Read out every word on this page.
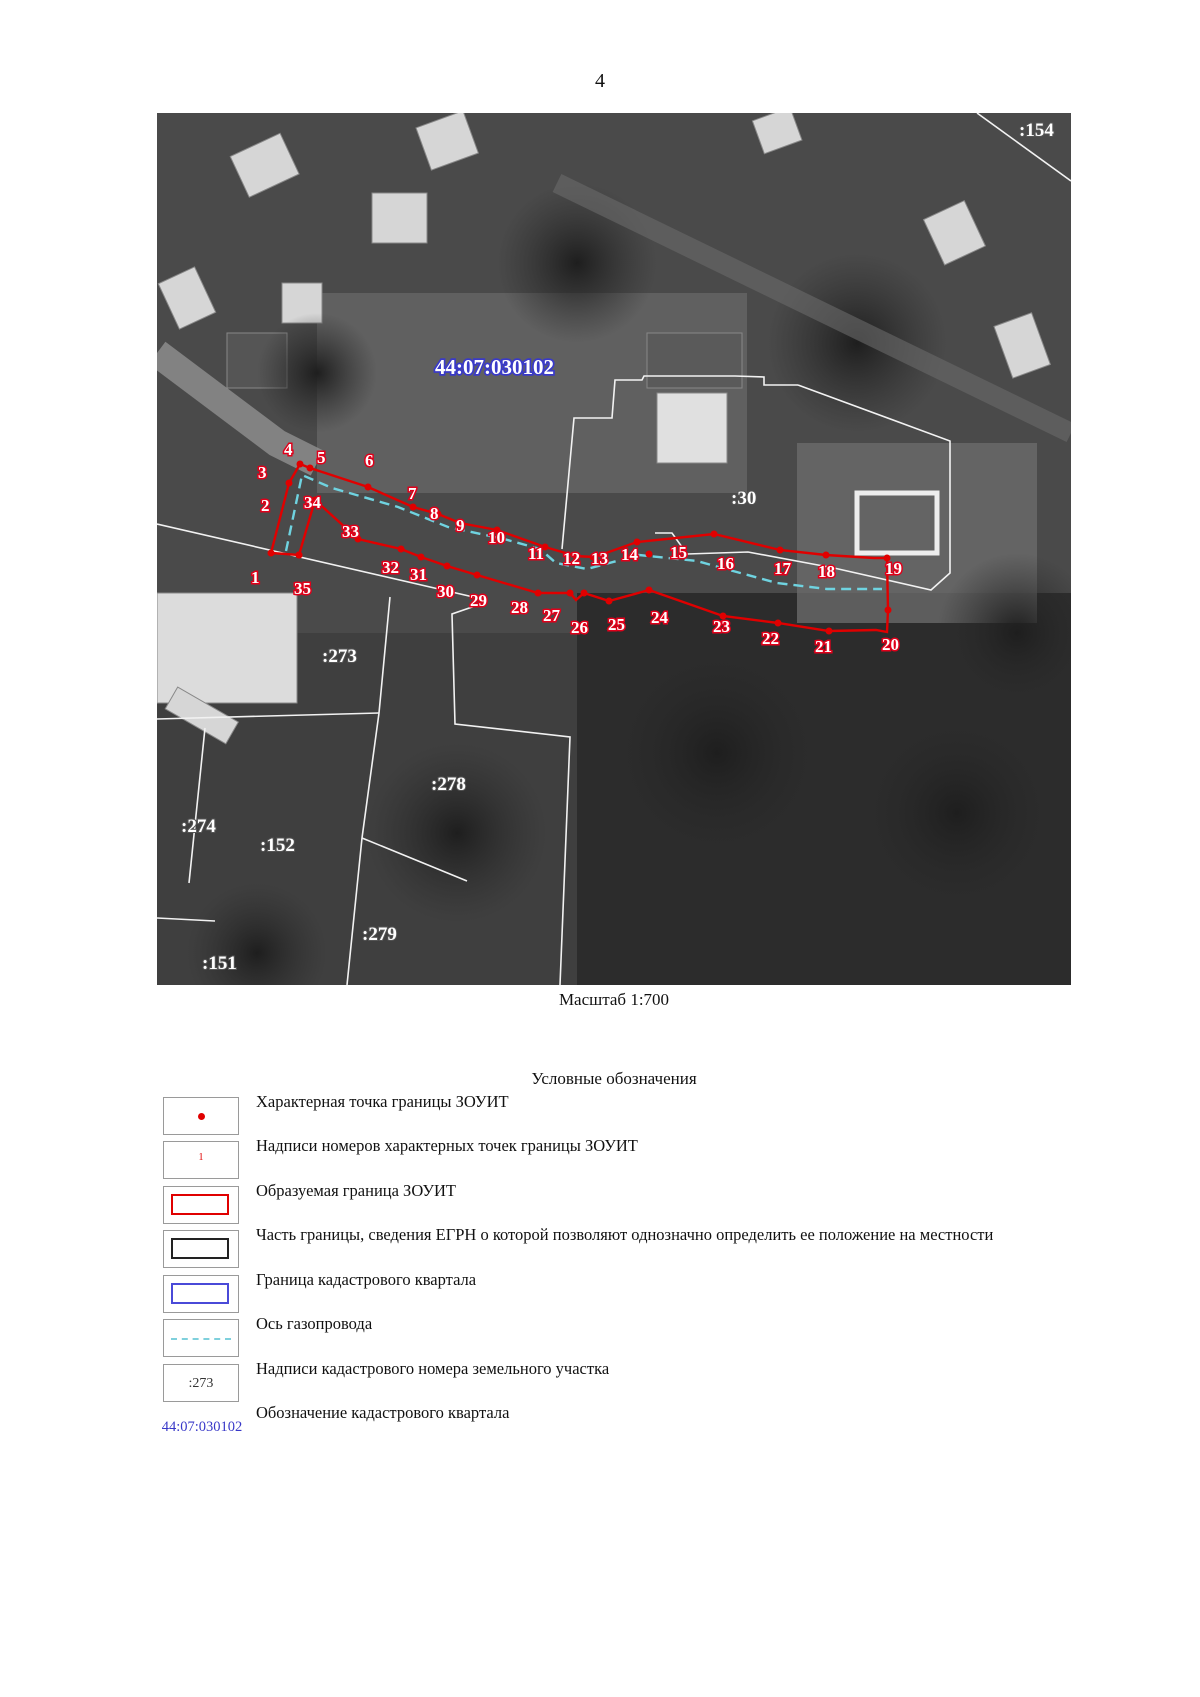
4
1
2
3
4 5 6
7
8
9
10
11 12 13 14 15
16 17 18	19
20
21
22
23
24
25
26
27
28
29
30
31
32
33
34
35
44:07:030102
:154
:30
:273
:278
:274
:152
:279
:151
Масштаб 1:700
Условные обозначения
Характерная точка границы ЗОУИТ
1
Надписи номеров характерных точек границы ЗОУИТ
Образуемая граница ЗОУИТ
Часть границы, сведения ЕГРН о которой позволяют однозначно определить ее положение на местности
Граница кадастрового квартала
Ось газопровода
:273
Надписи кадастрового номера земельного участка
44:07:030102
Обозначение кадастрового квартала
